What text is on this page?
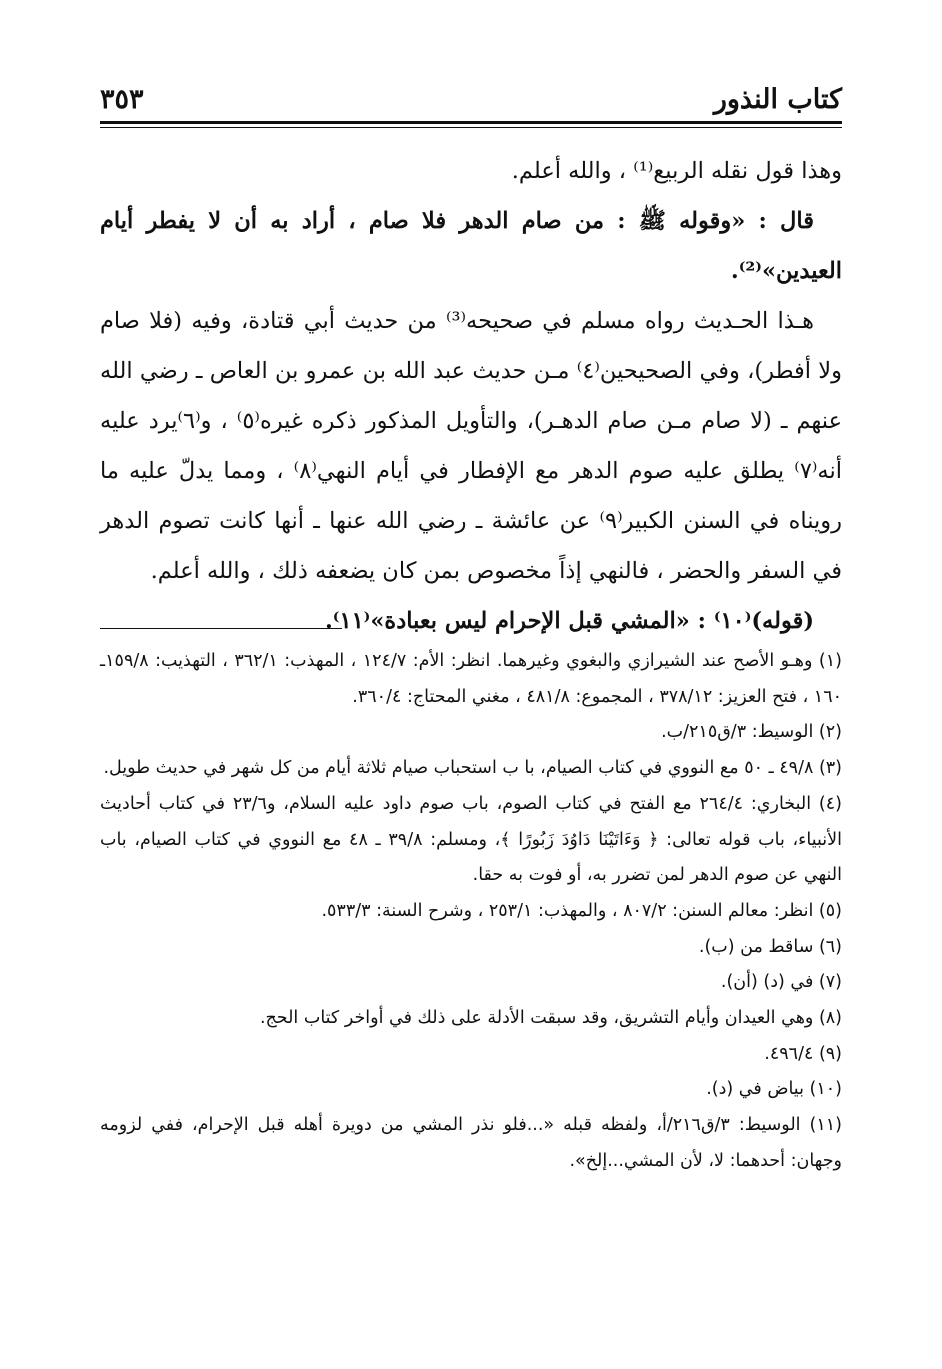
كتاب النذور
٣٥٣

وهذا قول نقله الربيع⁽¹⁾ ، والله أعلم.

قال : «وقوله ﷺ : من صام الدهر فلا صام ، أراد به أن لا يفطر أيام العيدين»⁽²⁾.

هـذا الحـديث رواه مسلم في صحيحه⁽³⁾ من حديث أبي قتادة، وفيه (فلا صام ولا أفطر)، وفي الصحيحين⁽٤⁾ مـن حديث عبد الله بن عمرو بن العاص ـ رضي الله عنهم ـ (لا صام مـن صام الدهـر)، والتأويل المذكور ذكره غيره⁽٥⁾ ، و⁽٦⁾يرد عليه أنه⁽٧⁾ يطلق عليه صوم الدهر مع الإفطار في أيام النهي⁽٨⁾ ، ومما يدلّ عليه ما رويناه في السنن الكبير⁽٩⁾ عن عائشة ـ رضي الله عنها ـ أنها كانت تصوم الدهر في السفر والحضر ، فالنهي إذاً مخصوص بمن كان يضعفه ذلك ، والله أعلم.

(قوله)⁽١٠⁾ : «المشي قبل الإحرام ليس بعبادة»⁽١١⁾.

(١) وهـو الأصح عند الشيرازي والبغوي وغيرهما. انظر: الأم: ١٢٤/٧ ، المهذب: ٣٦٢/١ ، التهذيب: ١٥٩/٨ـ ١٦٠ ، فتح العزيز: ٣٧٨/١٢ ، المجموع: ٤٨١/٨ ، مغني المحتاج: ٣٦٠/٤.

(٢) الوسيط: ٣/ق٢١٥/ب.

(٣) ٤٩/٨ ـ ٥٠ مع النووي في كتاب الصيام، با ب استحباب صيام ثلاثة أيام من كل شهر في حديث طويل.

(٤) البخاري: ٢٦٤/٤ مع الفتح في كتاب الصوم، باب صوم داود عليه السلام، و٢٣/٦ في كتاب أحاديث الأنبياء، باب قوله تعالى: ﴿ وَءَاتَيْنَا دَاوُدَ زَبُورًا ﴾، ومسلم: ٣٩/٨ ـ ٤٨ مع النووي في كتاب الصيام، باب النهي عن صوم الدهر لمن تضرر به، أو فوت به حقا.

(٥) انظر: معالم السنن: ٨٠٧/٢ ، والمهذب: ٢٥٣/١ ، وشرح السنة: ٥٣٣/٣.

(٦) ساقط من (ب).

(٧) في (د) (أن).

(٨) وهي العيدان وأيام التشريق، وقد سبقت الأدلة على ذلك في أواخر كتاب الحج.

(٩) ٤٩٦/٤.

(١٠) بياض في (د).

(١١) الوسيط: ٣/ق٢١٦/أ، ولفظه قبله «...فلو نذر المشي من دويرة أهله قبل الإحرام، ففي لزومه وجهان: أحدهما: لا، لأن المشي...إلخ».
